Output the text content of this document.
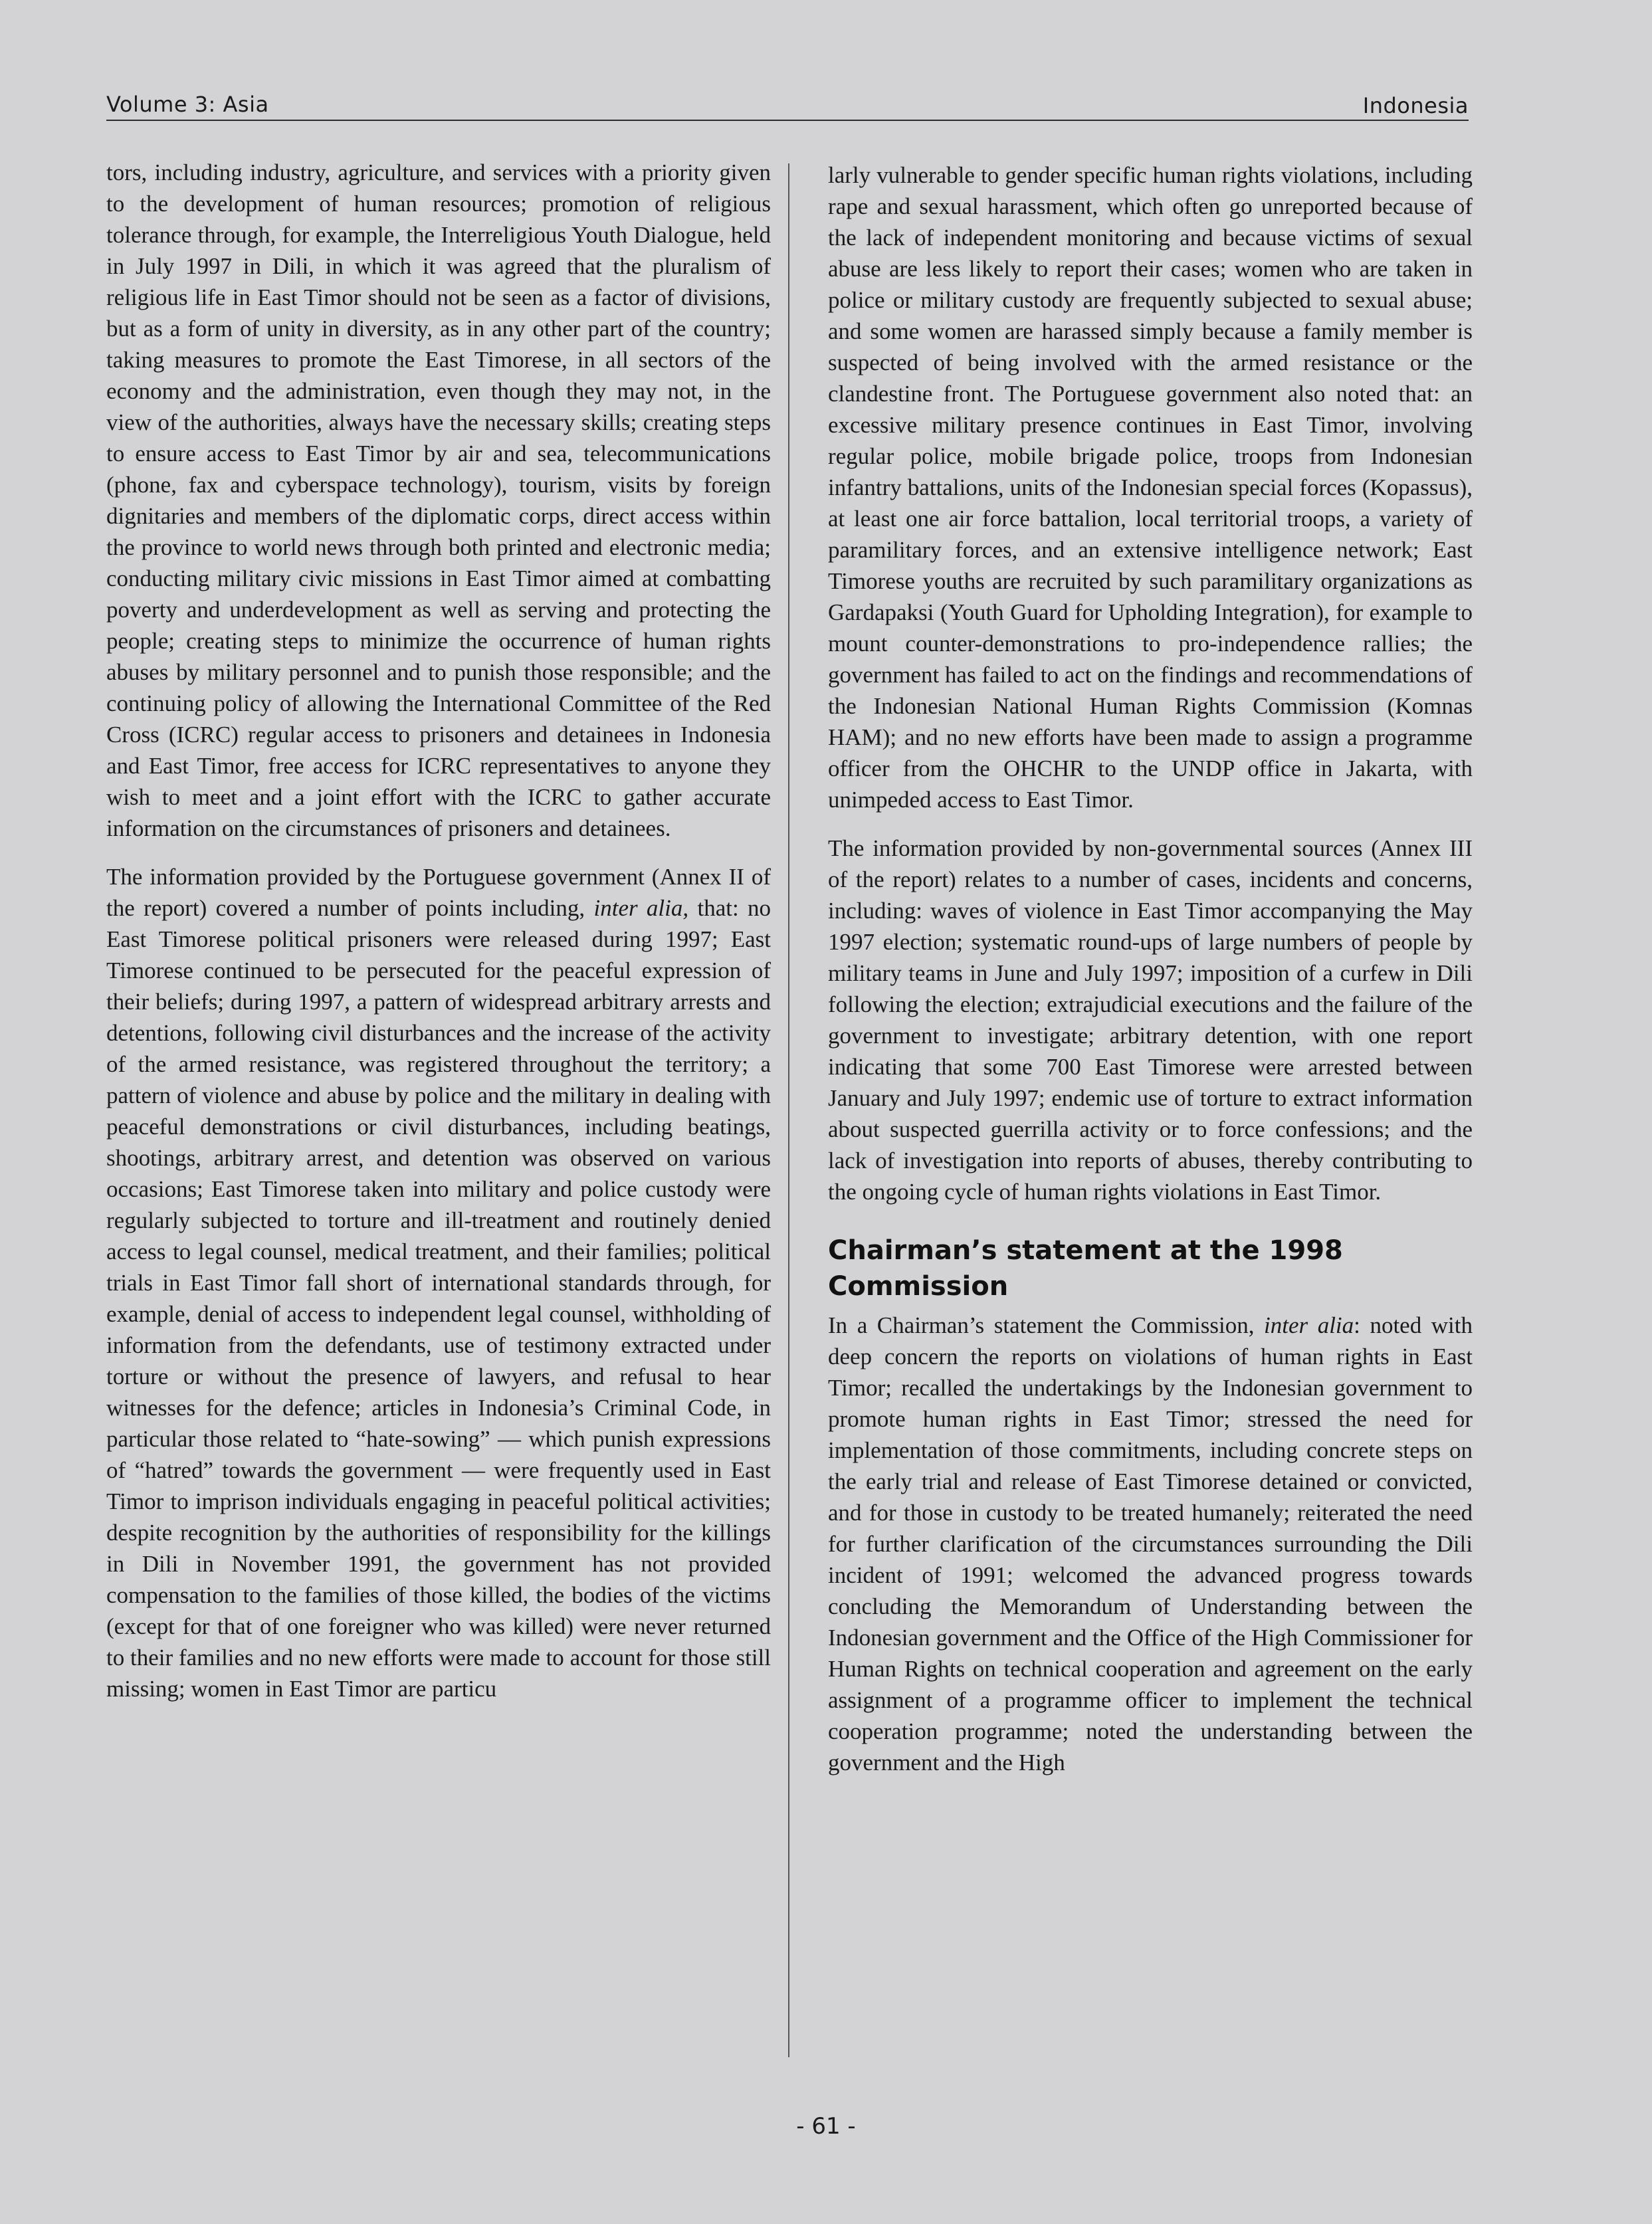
Volume 3: Asia	Indonesia

tors, including industry, agriculture, and services with a priority given to the development of human resources; promotion of religious tolerance through, for example, the Interreligious Youth Dialogue, held in July 1997 in Dili, in which it was agreed that the pluralism of religious life in East Timor should not be seen as a factor of divisions, but as a form of unity in diversity, as in any other part of the country; taking measures to promote the East Timorese, in all sectors of the economy and the administration, even though they may not, in the view of the authorities, always have the necessary skills; creating steps to ensure access to East Timor by air and sea, telecommunications (phone, fax and cyberspace technology), tourism, visits by foreign dignitaries and members of the diplomatic corps, direct access within the province to world news through both printed and electronic media; conducting military civic missions in East Timor aimed at combatting poverty and underdevelopment as well as serving and protecting the people; creating steps to minimize the occurrence of human rights abuses by military personnel and to punish those responsible; and the continuing policy of allowing the International Committee of the Red Cross (ICRC) regular access to prisoners and detainees in Indonesia and East Timor, free access for ICRC representatives to anyone they wish to meet and a joint effort with the ICRC to gather accurate information on the circumstances of prisoners and detainees.

The information provided by the Portuguese government (Annex II of the report) covered a number of points including, inter alia, that: no East Timorese political prisoners were released during 1997; East Timorese continued to be persecuted for the peaceful expression of their beliefs; during 1997, a pattern of widespread arbitrary arrests and detentions, following civil disturbances and the increase of the activity of the armed resistance, was registered throughout the territory; a pattern of violence and abuse by police and the military in dealing with peaceful demonstrations or civil disturbances, including beatings, shootings, arbitrary arrest, and detention was observed on various occasions; East Timorese taken into military and police custody were regularly subjected to torture and ill-treatment and routinely denied access to legal counsel, medical treatment, and their families; political trials in East Timor fall short of international standards through, for example, denial of access to independent legal counsel, withholding of information from the defendants, use of testimony extracted under torture or without the presence of lawyers, and refusal to hear witnesses for the defence; articles in Indonesia’s Criminal Code, in particular those related to “hate-sowing” — which punish expressions of “hatred” towards the government — were frequently used in East Timor to imprison individuals engaging in peaceful political activities; despite recognition by the authorities of responsibility for the killings in Dili in November 1991, the government has not provided compensation to the families of those killed, the bodies of the victims (except for that of one foreigner who was killed) were never returned to their families and no new efforts were made to account for those still missing; women in East Timor are particu

larly vulnerable to gender specific human rights violations, including rape and sexual harassment, which often go unreported because of the lack of independent monitoring and because victims of sexual abuse are less likely to report their cases; women who are taken in police or military custody are frequently subjected to sexual abuse; and some women are harassed simply because a family member is suspected of being involved with the armed resistance or the clandestine front. The Portuguese government also noted that: an excessive military presence continues in East Timor, involving regular police, mobile brigade police, troops from Indonesian infantry battalions, units of the Indonesian special forces (Kopassus), at least one air force battalion, local territorial troops, a variety of paramilitary forces, and an extensive intelligence network; East Timorese youths are recruited by such paramilitary organizations as Gardapaksi (Youth Guard for Upholding Integration), for example to mount counter-demonstrations to pro-independence rallies; the government has failed to act on the findings and recommendations of the Indonesian National Human Rights Commission (Komnas HAM); and no new efforts have been made to assign a programme officer from the OHCHR to the UNDP office in Jakarta, with unimpeded access to East Timor.

The information provided by non-governmental sources (Annex III of the report) relates to a number of cases, incidents and concerns, including: waves of violence in East Timor accompanying the May 1997 election; systematic round-ups of large numbers of people by military teams in June and July 1997; imposition of a curfew in Dili following the election; extrajudicial executions and the failure of the government to investigate; arbitrary detention, with one report indicating that some 700 East Timorese were arrested between January and July 1997; endemic use of torture to extract information about suspected guerrilla activity or to force confessions; and the lack of investigation into reports of abuses, thereby contributing to the ongoing cycle of human rights violations in East Timor.

Chairman’s statement at the 1998 Commission

In a Chairman’s statement the Commission, inter alia: noted with deep concern the reports on violations of human rights in East Timor; recalled the undertakings by the Indonesian government to promote human rights in East Timor; stressed the need for implementation of those commitments, including concrete steps on the early trial and release of East Timorese detained or convicted, and for those in custody to be treated humanely; reiterated the need for further clarification of the circumstances surrounding the Dili incident of 1991; welcomed the advanced progress towards concluding the Memorandum of Understanding between the Indonesian government and the Office of the High Commissioner for Human Rights on technical cooperation and agreement on the early assignment of a programme officer to implement the technical cooperation programme; noted the understanding between the government and the High

- 61 -
